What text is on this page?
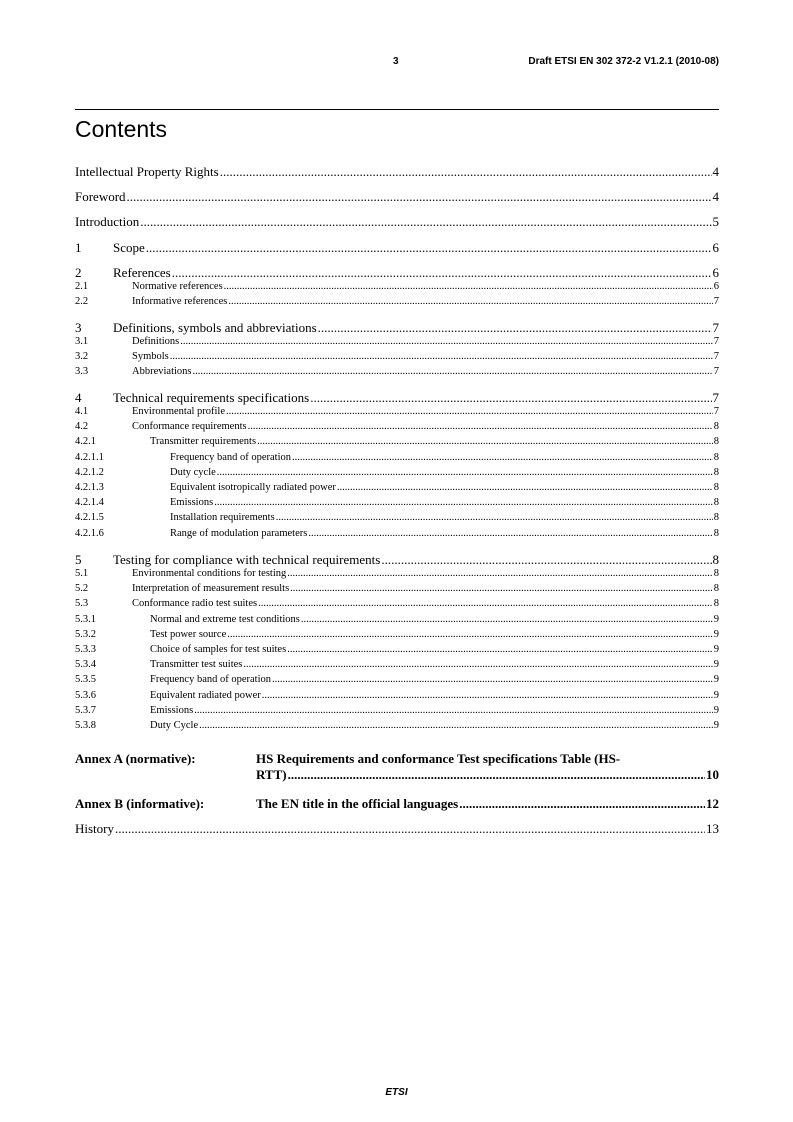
3	Draft ETSI EN 302 372-2 V1.2.1 (2010-08)
Contents
Intellectual Property Rights .....	4
Foreword .....	4
Introduction .....	5
1	Scope .....	6
2	References .....	6
2.1	Normative references .....	6
2.2	Informative references .....	7
3	Definitions, symbols and abbreviations .....	7
3.1	Definitions .....	7
3.2	Symbols .....	7
3.3	Abbreviations .....	7
4	Technical requirements specifications .....	7
4.1	Environmental profile .....	7
4.2	Conformance requirements .....	8
4.2.1	Transmitter requirements .....	8
4.2.1.1	Frequency band of operation .....	8
4.2.1.2	Duty cycle .....	8
4.2.1.3	Equivalent isotropically radiated power .....	8
4.2.1.4	Emissions .....	8
4.2.1.5	Installation requirements .....	8
4.2.1.6	Range of modulation parameters .....	8
5	Testing for compliance with technical requirements .....	8
5.1	Environmental conditions for testing .....	8
5.2	Interpretation of measurement results .....	8
5.3	Conformance radio test suites .....	8
5.3.1	Normal and extreme test conditions .....	9
5.3.2	Test power source .....	9
5.3.3	Choice of samples for test suites .....	9
5.3.4	Transmitter test suites .....	9
5.3.5	Frequency band of operation .....	9
5.3.6	Equivalent radiated power .....	9
5.3.7	Emissions .....	9
5.3.8	Duty Cycle .....	9
Annex A (normative):	HS Requirements and conformance Test specifications Table (HS-
RTT) .....	10
Annex B (informative):	The EN title in the official languages .....	12
History .....	13
ETSI
